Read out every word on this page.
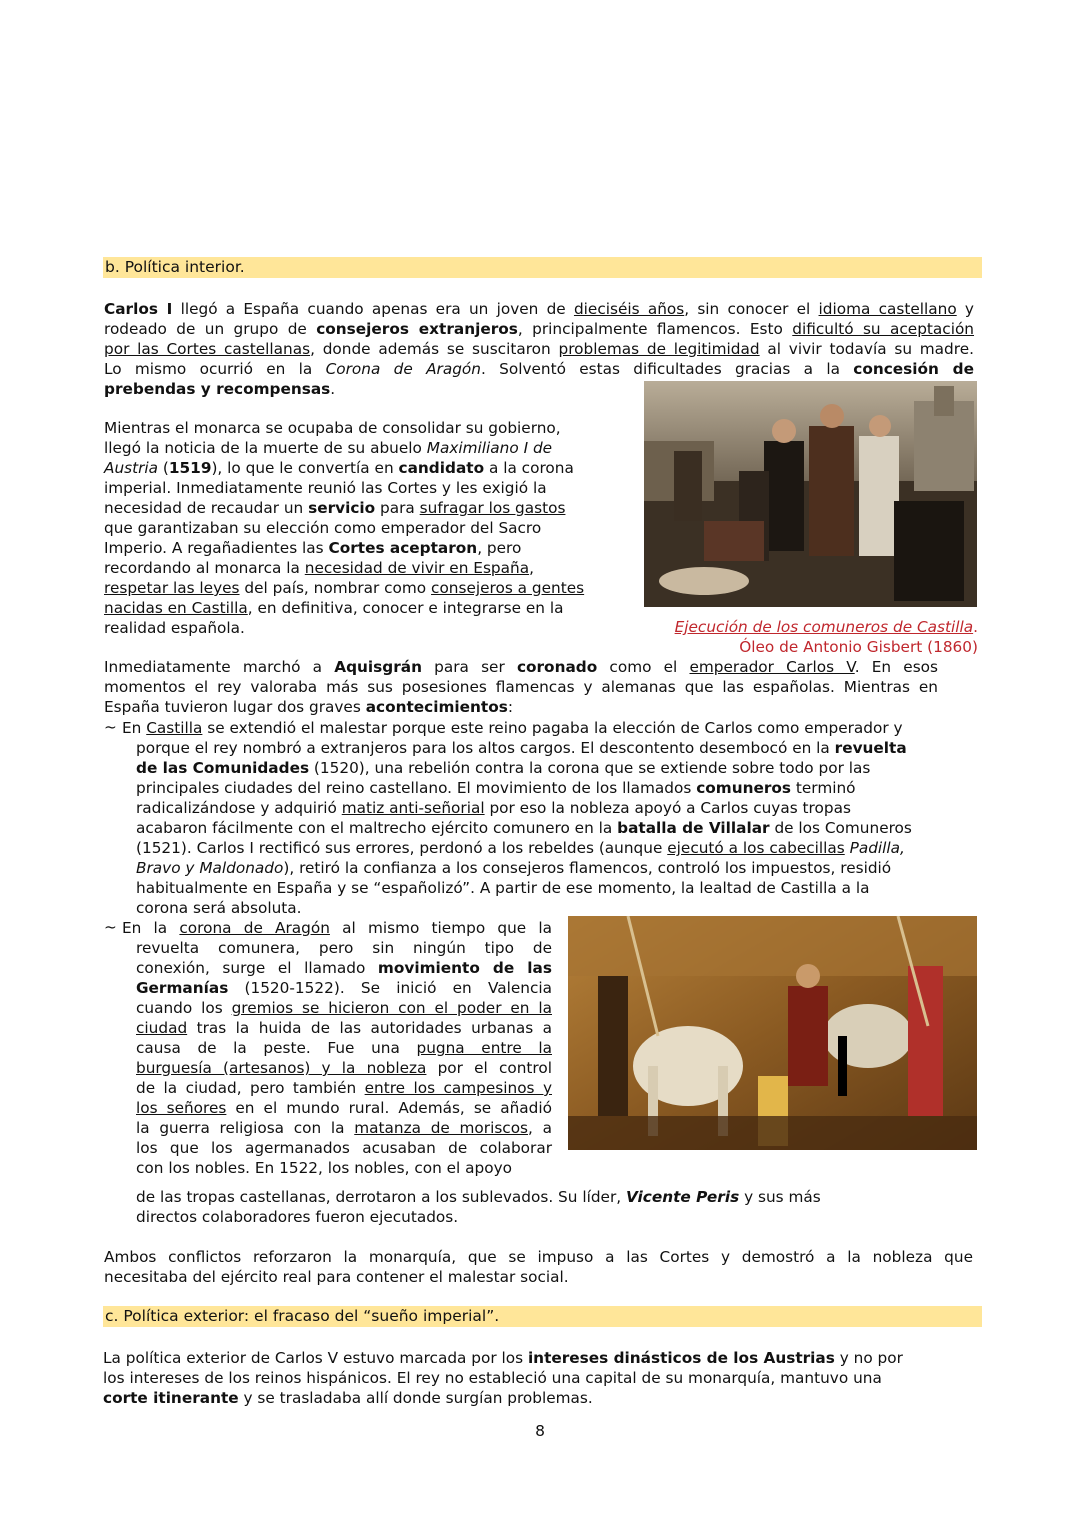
b. Política interior.

Carlos I llegó a España cuando apenas era un joven de dieciséis años, sin conocer el idioma castellano y

rodeado de un grupo de consejeros extranjeros, principalmente flamencos. Esto dificultó su aceptación

por las Cortes castellanas, donde además se suscitaron problemas de legitimidad al vivir todavía su madre.

Lo mismo ocurrió en la Corona de Aragón. Solventó estas dificultades gracias a la concesión de

prebendas y recompensas.

Mientras el monarca se ocupaba de consolidar su gobierno,

llegó la noticia de la muerte de su abuelo Maximiliano I de

Austria (1519), lo que le convertía en candidato a la corona

imperial. Inmediatamente reunió las Cortes y les exigió la

necesidad de recaudar un servicio para sufragar los gastos

que garantizaban su elección como emperador del Sacro

Imperio. A regañadientes las Cortes aceptaron, pero

recordando al monarca la necesidad de vivir en España,

respetar las leyes del país, nombrar como consejeros a gentes

nacidas en Castilla, en definitiva, conocer e integrarse en la

realidad española.	Ejecución de los comuneros de Castilla.
Óleo de Antonio Gisbert (1860)

Inmediatamente marchó a Aquisgrán para ser coronado como el emperador Carlos V. En esos

momentos el rey valoraba más sus posesiones flamencas y alemanas que las españolas. Mientras en

España tuvieron lugar dos graves acontecimientos:

~ En Castilla se extendió el malestar porque este reino pagaba la elección de Carlos como emperador y

porque el rey nombró a extranjeros para los altos cargos. El descontento desembocó en la revuelta

de las Comunidades (1520), una rebelión contra la corona que se extiende sobre todo por las

principales ciudades del reino castellano. El movimiento de los llamados comuneros terminó

radicalizándose y adquirió matiz anti-señorial por eso la nobleza apoyó a Carlos cuyas tropas

acabaron fácilmente con el maltrecho ejército comunero en la batalla de Villalar de los Comuneros

(1521). Carlos I rectificó sus errores, perdonó a los rebeldes (aunque ejecutó a los cabecillas Padilla,

Bravo y Maldonado), retiró la confianza a los consejeros flamencos, controló los impuestos, residió

habitualmente en España y se “españolizó”. A partir de ese momento, la lealtad de Castilla a la

corona será absoluta.

~ En la corona de Aragón al mismo tiempo que la

revuelta comunera, pero sin ningún tipo de

conexión, surge el llamado movimiento de las

Germanías (1520-1522). Se inició en Valencia

cuando los gremios se hicieron con el poder en la

ciudad tras la huida de las autoridades urbanas a

causa de la peste. Fue una pugna entre la

burguesía (artesanos) y la nobleza por el control

de la ciudad, pero también entre los campesinos y

los señores en el mundo rural. Además, se añadió

la guerra religiosa con la matanza de moriscos, a

los que los agermanados acusaban de colaborar

con los nobles. En 1522, los nobles, con el apoyo

de las tropas castellanas, derrotaron a los sublevados. Su líder, Vicente Peris y sus más

directos colaboradores fueron ejecutados.

Ambos conflictos reforzaron la monarquía, que se impuso a las Cortes y demostró a la nobleza que

necesitaba del ejército real para contener el malestar social.

c. Política exterior: el fracaso del “sueño imperial”.

La política exterior de Carlos V estuvo marcada por los intereses dinásticos de los Austrias y no por

los intereses de los reinos hispánicos. El rey no estableció una capital de su monarquía, mantuvo una

corte itinerante y se trasladaba allí donde surgían problemas.

8
